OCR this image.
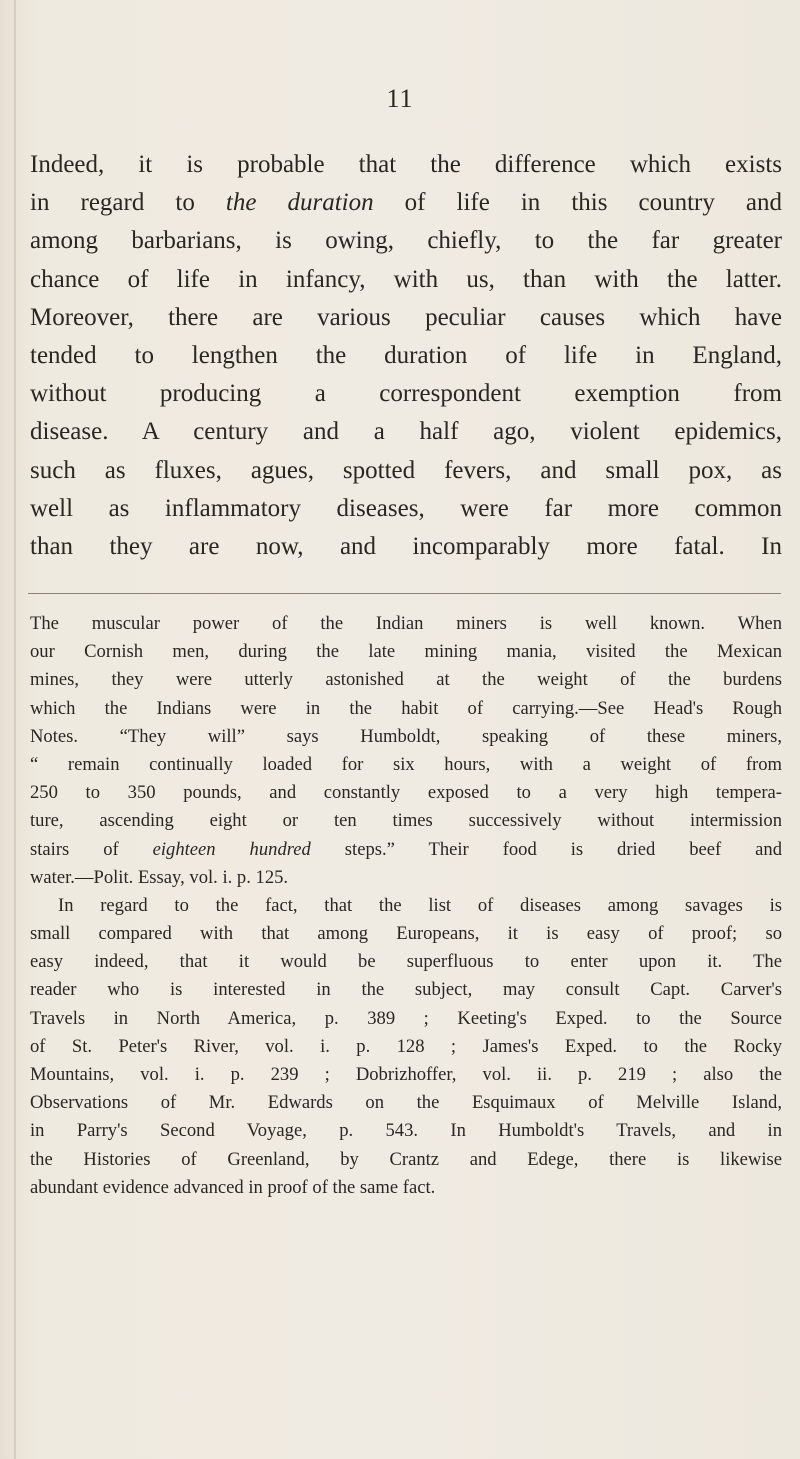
11
Indeed, it is probable that the difference which exists
in regard to the duration of life in this country and
among barbarians, is owing, chiefly, to the far greater
chance of life in infancy, with us, than with the latter.
Moreover, there are various peculiar causes which have
tended to lengthen the duration of life in England,
without producing a correspondent exemption from
disease. A century and a half ago, violent epidemics,
such as fluxes, agues, spotted fevers, and small pox, as
well as inflammatory diseases, were far more common
than they are now, and incomparably more fatal. In
The muscular power of the Indian miners is well known. When
our Cornish men, during the late mining mania, visited the Mexican
mines, they were utterly astonished at the weight of the burdens
which the Indians were in the habit of carrying.—See Head's Rough
Notes. “They will” says Humboldt, speaking of these miners,
“ remain continually loaded for six hours, with a weight of from
250 to 350 pounds, and constantly exposed to a very high tempera-
ture, ascending eight or ten times successively without intermission
stairs of eighteen hundred steps.” Their food is dried beef and
water.—Polit. Essay, vol. i. p. 125.
In regard to the fact, that the list of diseases among savages is
small compared with that among Europeans, it is easy of proof; so
easy indeed, that it would be superfluous to enter upon it. The
reader who is interested in the subject, may consult Capt. Carver's
Travels in North America, p. 389 ; Keeting's Exped. to the Source
of St. Peter's River, vol. i. p. 128 ; James's Exped. to the Rocky
Mountains, vol. i. p. 239 ; Dobrizhoffer, vol. ii. p. 219 ; also the
Observations of Mr. Edwards on the Esquimaux of Melville Island,
in Parry's Second Voyage, p. 543. In Humboldt's Travels, and in
the Histories of Greenland, by Crantz and Edege, there is likewise
abundant evidence advanced in proof of the same fact.
